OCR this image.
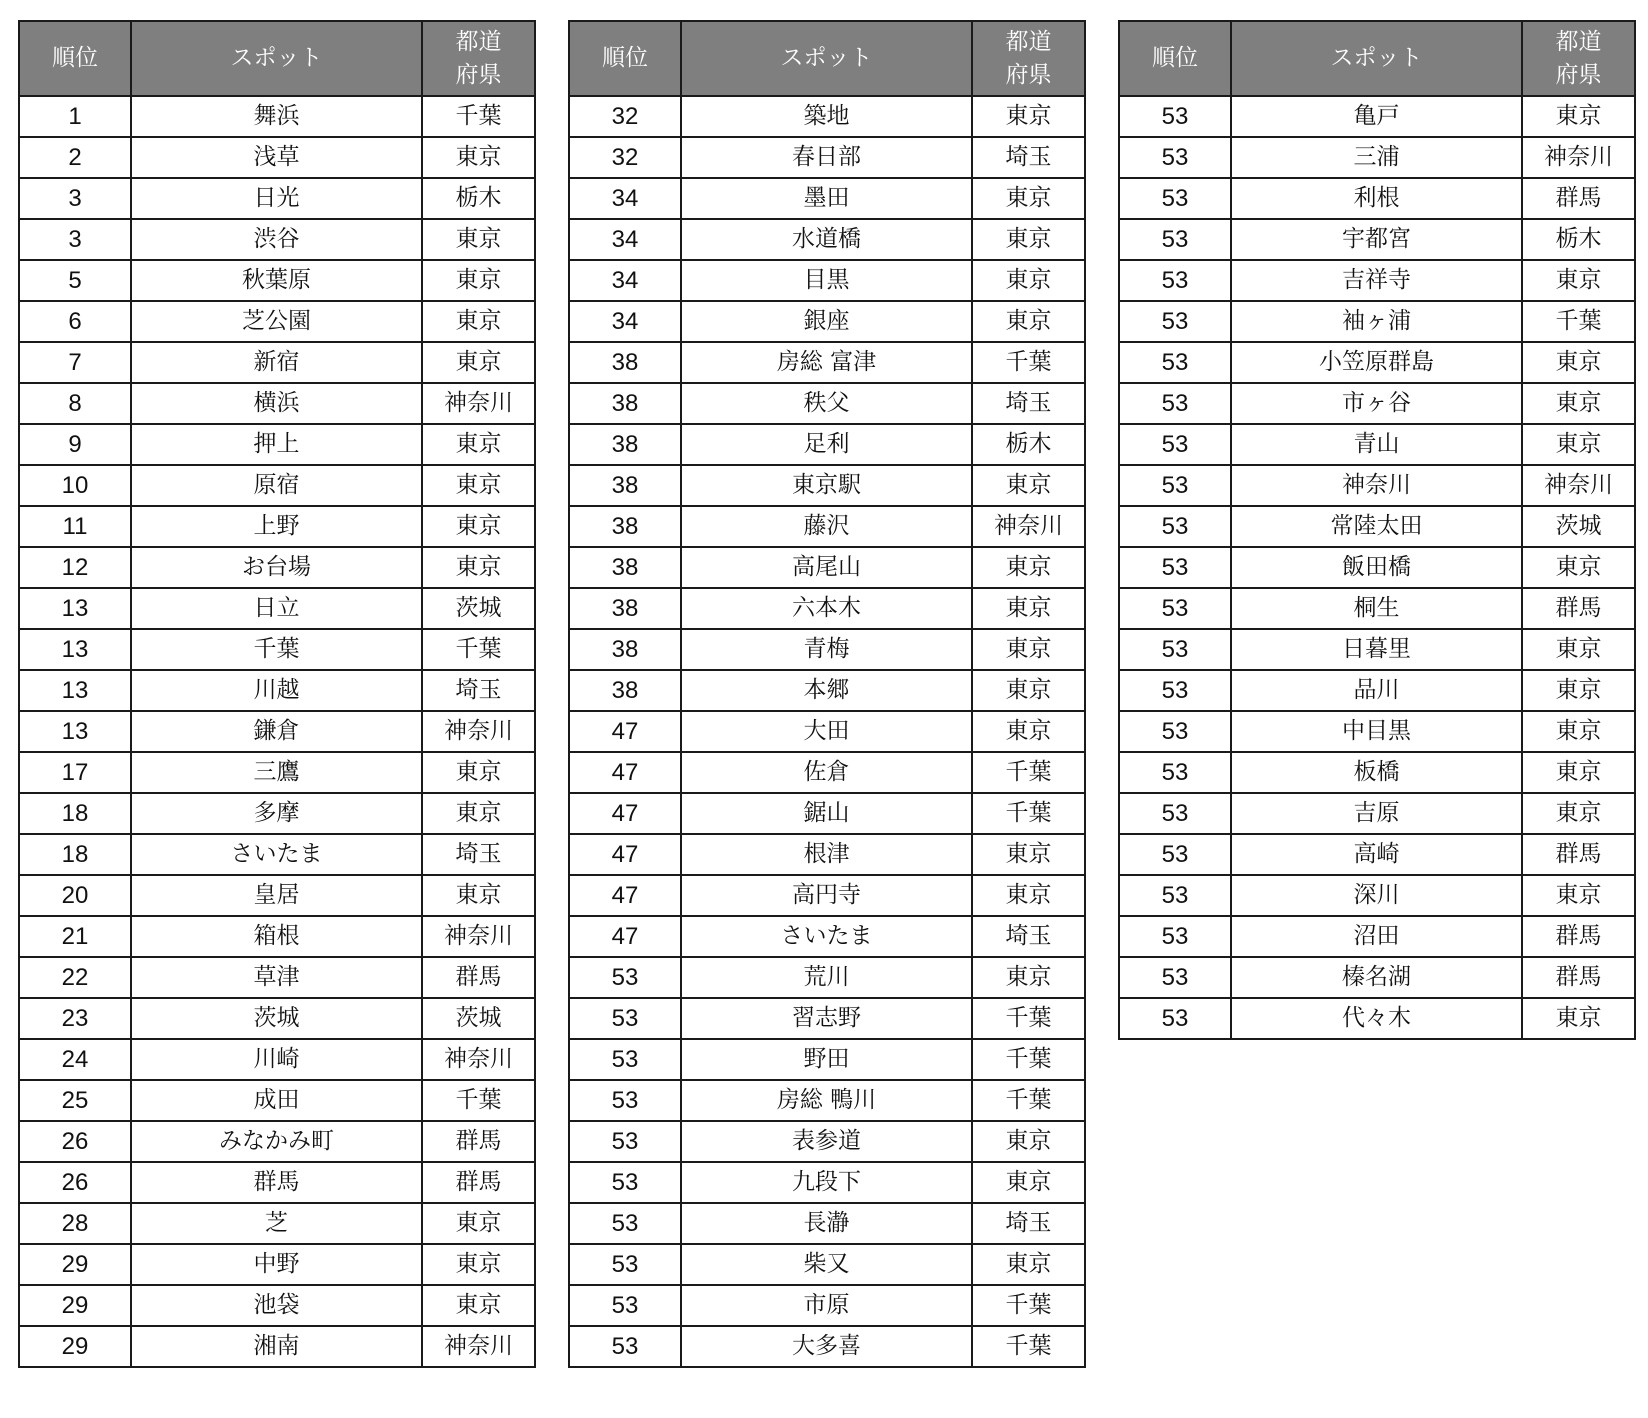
順位	スポット	都道
府県

1	舞浜	千葉
2	浅草	東京
3	日光	栃木
3	渋谷	東京
5	秋葉原	東京
6	芝公園	東京
7	新宿	東京
8	横浜	神奈川
9	押上	東京
10	原宿	東京
11	上野	東京
12	お台場	東京
13	日立	茨城
13	千葉	千葉
13	川越	埼玉
13	鎌倉	神奈川
17	三鷹	東京
18	多摩	東京
18	さいたま	埼玉
20	皇居	東京
21	箱根	神奈川
22	草津	群馬
23	茨城	茨城
24	川崎	神奈川
25	成田	千葉
26	みなかみ町	群馬
26	群馬	群馬
28	芝	東京
29	中野	東京
29	池袋	東京
29	湘南	神奈川
順位	スポット	都道
府県

32	築地	東京
32	春日部	埼玉
34	墨田	東京
34	水道橋	東京
34	目黒	東京
34	銀座	東京
38	房総 富津	千葉
38	秩父	埼玉
38	足利	栃木
38	東京駅	東京
38	藤沢	神奈川
38	高尾山	東京
38	六本木	東京
38	青梅	東京
38	本郷	東京
47	大田	東京
47	佐倉	千葉
47	鋸山	千葉
47	根津	東京
47	高円寺	東京
47	さいたま	埼玉
53	荒川	東京
53	習志野	千葉
53	野田	千葉
53	房総 鴨川	千葉
53	表参道	東京
53	九段下	東京
53	長瀞	埼玉
53	柴又	東京
53	市原	千葉
53	大多喜	千葉
順位	スポット	都道
府県

53	亀戸	東京
53	三浦	神奈川
53	利根	群馬
53	宇都宮	栃木
53	吉祥寺	東京
53	袖ヶ浦	千葉
53	小笠原群島	東京
53	市ヶ谷	東京
53	青山	東京
53	神奈川	神奈川
53	常陸太田	茨城
53	飯田橋	東京
53	桐生	群馬
53	日暮里	東京
53	品川	東京
53	中目黒	東京
53	板橋	東京
53	吉原	東京
53	高崎	群馬
53	深川	東京
53	沼田	群馬
53	榛名湖	群馬
53	代々木	東京
